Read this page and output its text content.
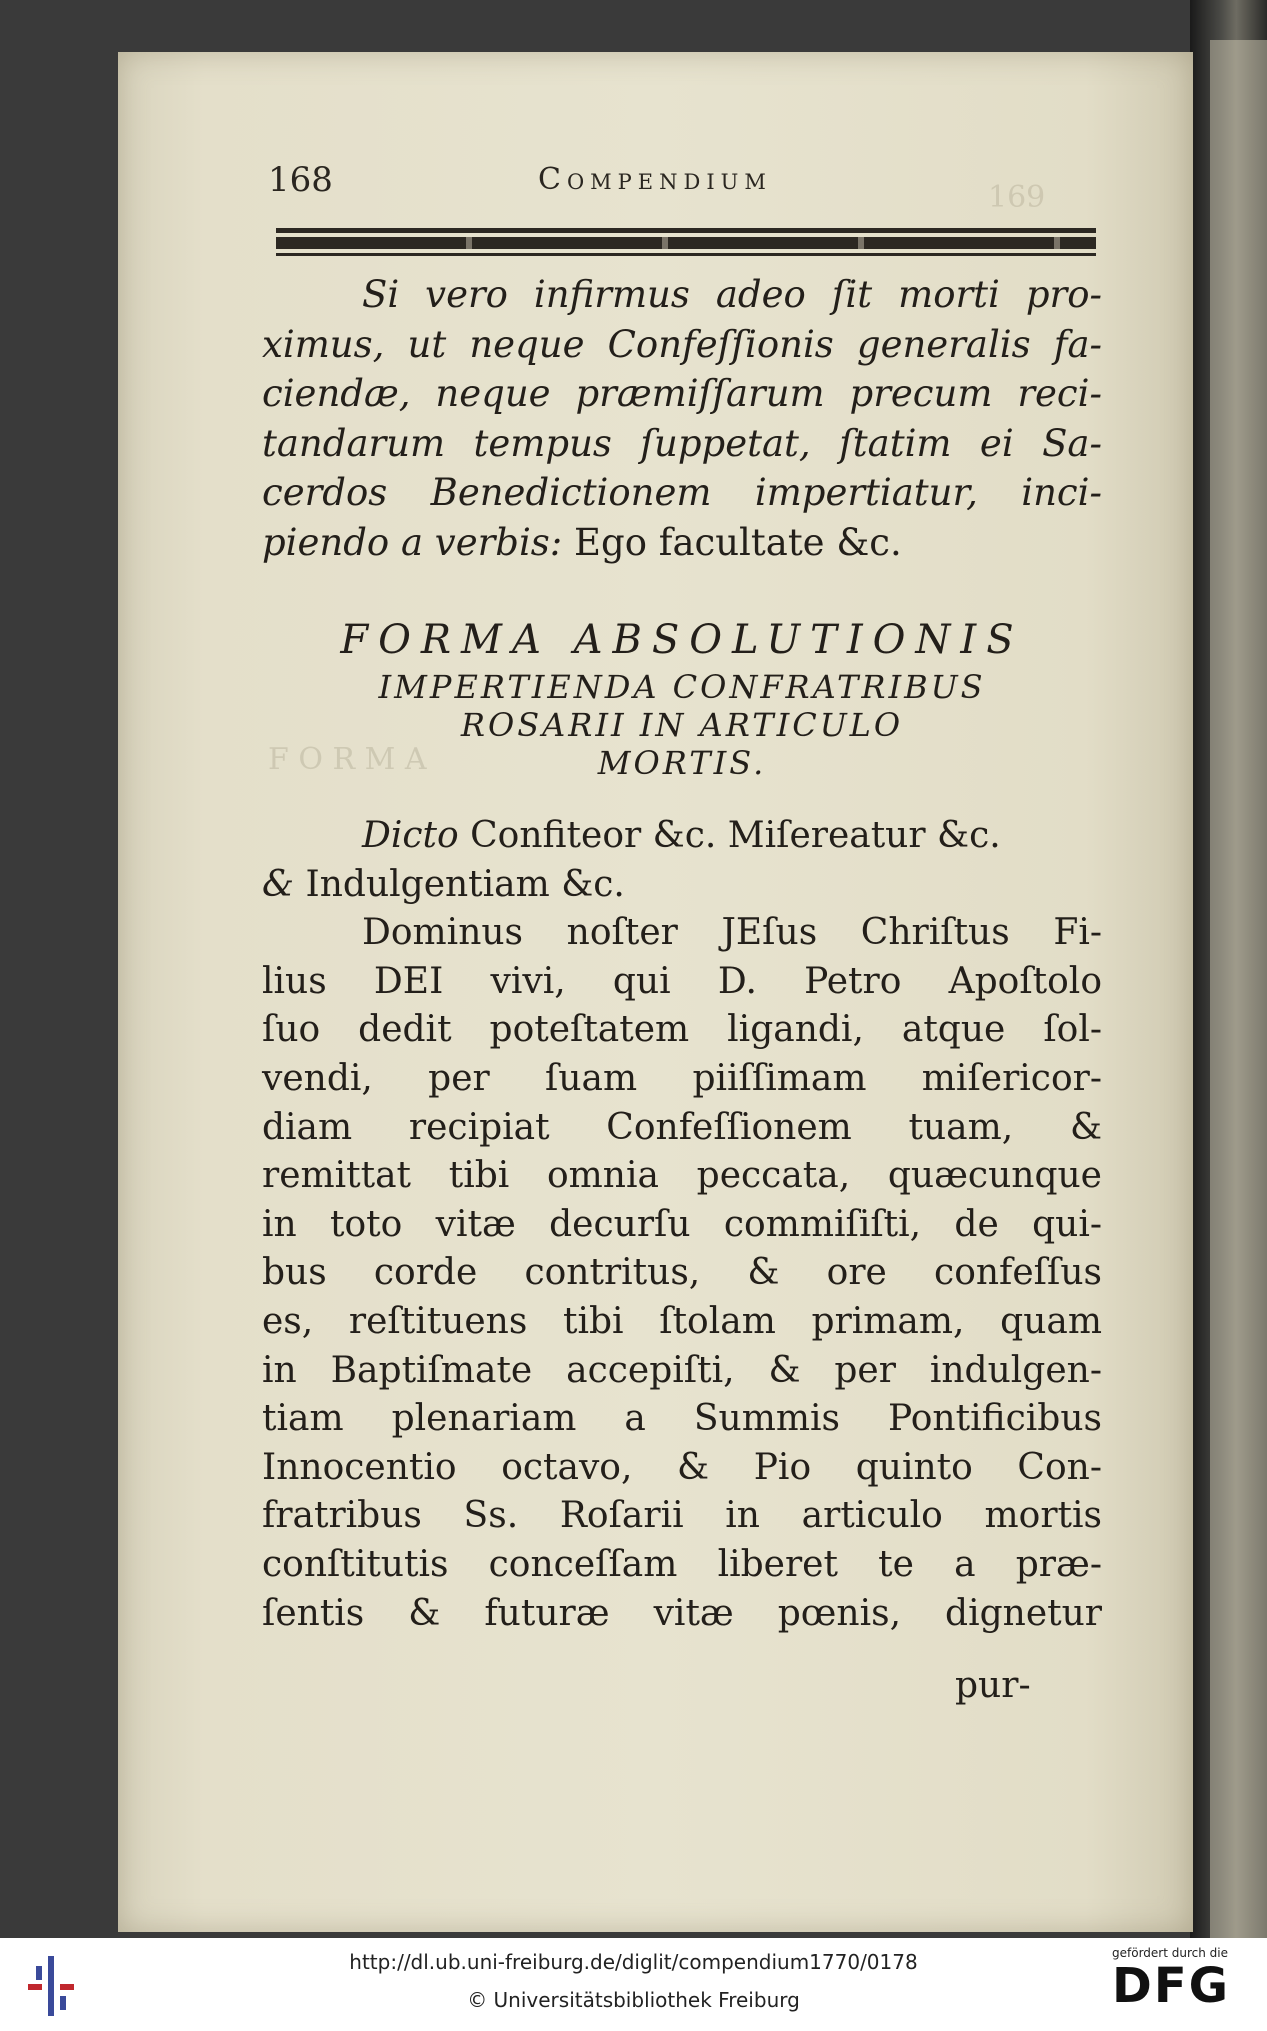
169
F O R M A
168	Compendium
Si vero infirmus adeo ſit morti pro-
ximus, ut neque Confeſſionis generalis fa-
ciendæ, neque præmiſſarum precum reci-
tandarum tempus ſuppetat, ſtatim ei Sa-
cerdos Benedictionem impertiatur, inci-
piendo a verbis: Ego facultate &c.
FORMA ABSOLUTIONIS
IMPERTIENDA CONFRATRIBUS
ROSARII IN ARTICULO
MORTIS.
Dicto Confiteor &c. Miſereatur &c.
& Indulgentiam &c.
Dominus noſter JEſus Chriſtus Fi-
lius DEI vivi, qui D. Petro Apoſtolo
ſuo dedit poteſtatem ligandi, atque ſol-
vendi, per ſuam piiſſimam miſericor-
diam recipiat Confeſſionem tuam, &
remittat tibi omnia peccata, quæcunque
in toto vitæ decurſu commiſiſti, de qui-
bus corde contritus, & ore confeſſus
es, reſtituens tibi ſtolam primam, quam
in Baptiſmate accepiſti, & per indulgen-
tiam plenariam a Summis Pontificibus
Innocentio octavo, & Pio quinto Con-
fratribus Ss. Roſarii in articulo mortis
conſtitutis conceſſam liberet te a præ-
ſentis & futuræ vitæ pœnis, dignetur
pur-
http://dl.ub.uni-freiburg.de/diglit/compendium1770/0178
© Universitätsbibliothek Freiburg
gefördert durch die
DFG
